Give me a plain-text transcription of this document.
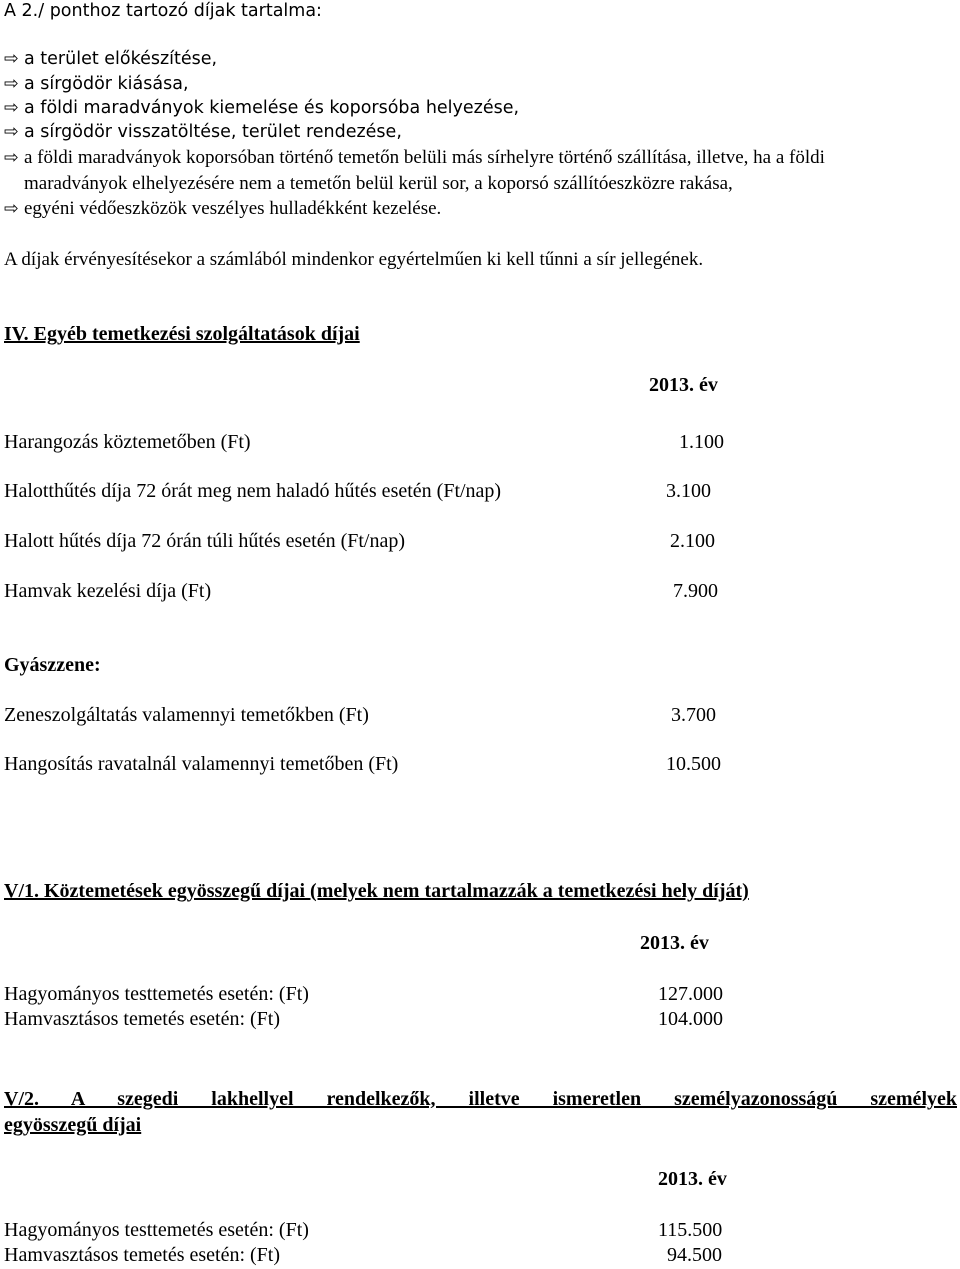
A 2./ ponthoz tartozó díjak tartalma:
⇨ a terület előkészítése,
⇨ a sírgödör kiásása,
⇨ a földi maradványok kiemelése és koporsóba helyezése,
⇨ a sírgödör visszatöltése, terület rendezése,
⇨ a földi maradványok koporsóban történő temetőn belüli más sírhelyre történő szállítása, illetve, ha a földi
maradványok elhelyezésére nem a temetőn belül kerül sor, a koporsó szállítóeszközre rakása,
⇨ egyéni védőeszközök veszélyes hulladékként kezelése.
A díjak érvényesítésekor a számlából mindenkor egyértelműen ki kell tűnni a sír jellegének.
IV. Egyéb temetkezési szolgáltatások díjai
2013. év
Harangozás köztemetőben (Ft)	1.100
Halotthűtés díja 72 órát meg nem haladó hűtés esetén (Ft/nap)	3.100
Halott hűtés díja 72 órán túli hűtés esetén (Ft/nap)	2.100
Hamvak kezelési díja (Ft)	7.900
Gyászzene:
Zeneszolgáltatás valamennyi temetőkben (Ft)	3.700
Hangosítás ravatalnál valamennyi temetőben (Ft)	10.500
V/1. Köztemetések egyösszegű díjai (melyek nem tartalmazzák a temetkezési hely díját)
2013. év
Hagyományos testtemetés esetén: (Ft)	127.000
Hamvasztásos temetés esetén: (Ft)	104.000
V/2. A szegedi lakhellyel rendelkezők, illetve ismeretlen személyazonosságú személyek
egyösszegű díjai
2013. év
Hagyományos testtemetés esetén: (Ft)	115.500
Hamvasztásos temetés esetén: (Ft)	94.500
